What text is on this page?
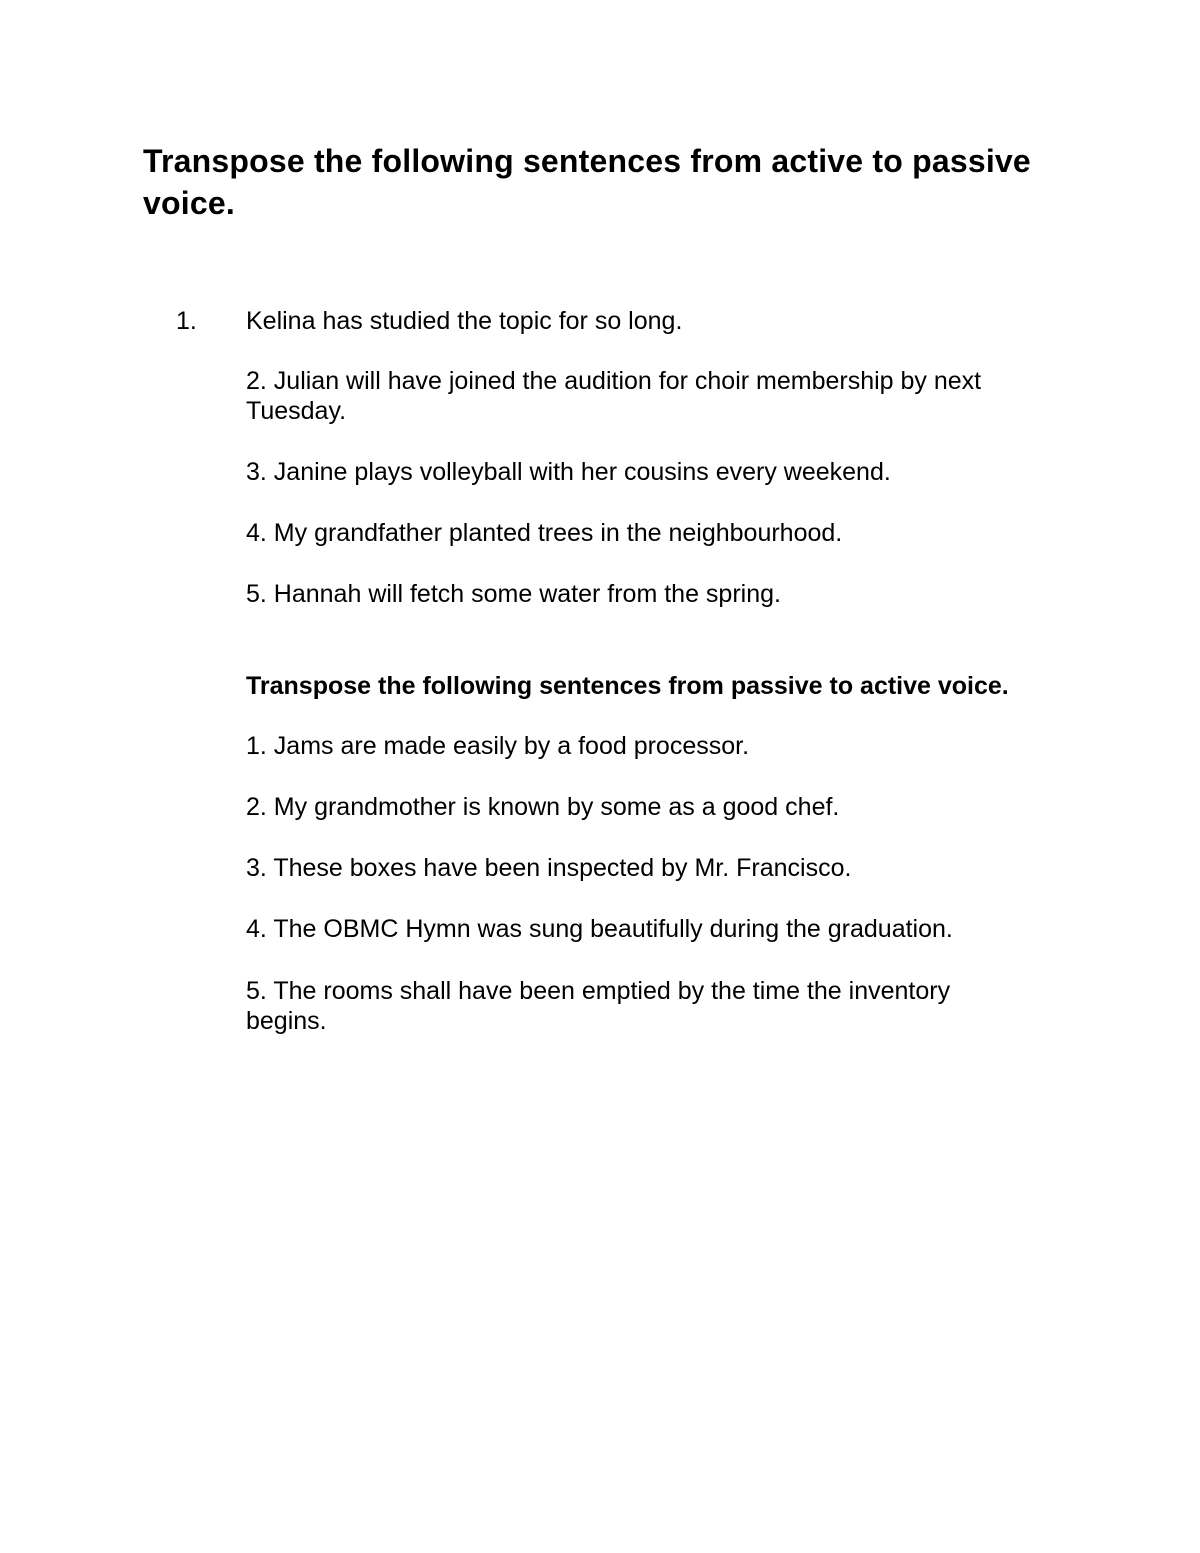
Transpose the following sentences from active to passive voice.
1. Kelina has studied the topic for so long.

2. Julian will have joined the audition for choir membership by next Tuesday.

3. Janine plays volleyball with her cousins every weekend.

4. My grandfather planted trees in the neighbourhood.

5. Hannah will fetch some water from the spring.

Transpose the following sentences from passive to active voice.

1. Jams are made easily by a food processor.

2. My grandmother is known by some as a good chef.

3. These boxes have been inspected by Mr. Francisco.

4. The OBMC Hymn was sung beautifully during the graduation.

5. The rooms shall have been emptied by the time the inventory begins.
